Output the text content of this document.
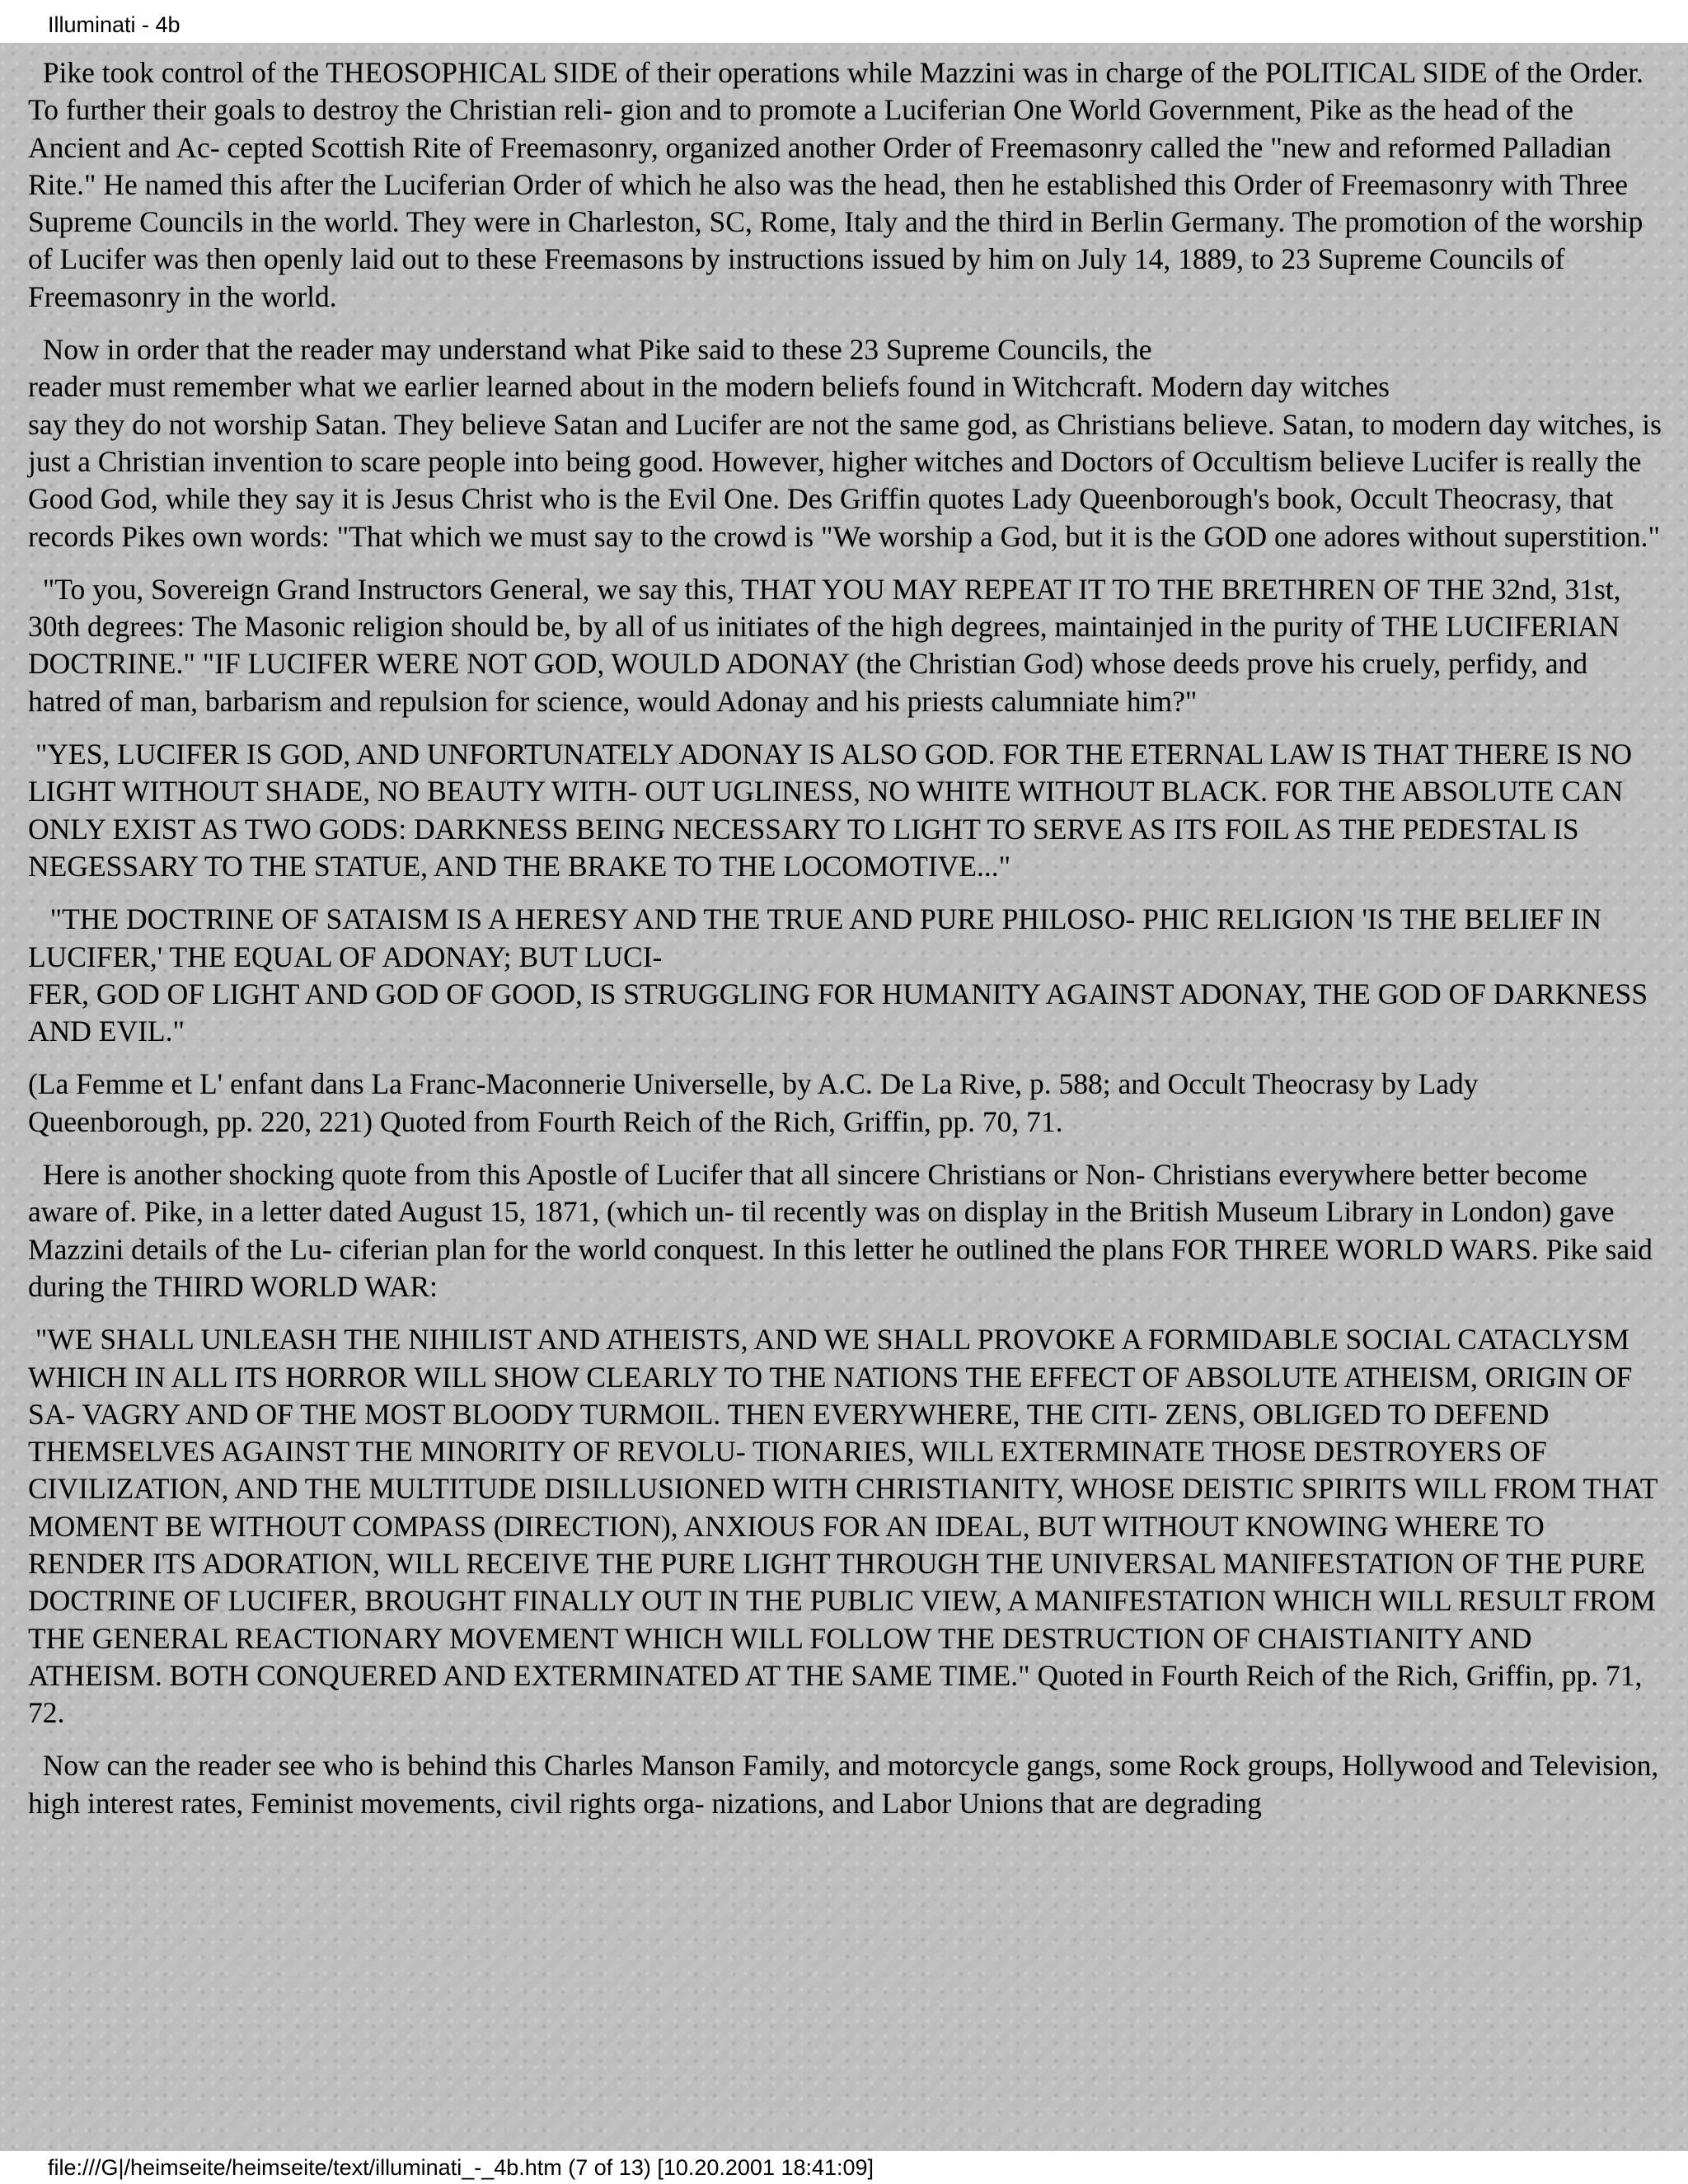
Illuminati - 4b

Pike took control of the THEOSOPHICAL SIDE of their operations while Mazzini was in charge of the POLITICAL SIDE of the Order. To further their goals to destroy the Christian reli- gion and to promote a Luciferian One World Government, Pike as the head of the Ancient and Ac- cepted Scottish Rite of Freemasonry, organized another Order of Freemasonry called the "new and reformed Palladian Rite." He named this after the Luciferian Order of which he also was the head, then he established this Order of Freemasonry with Three Supreme Councils in the world. They were in Charleston, SC, Rome, Italy and the third in Berlin Germany. The promotion of the worship of Lucifer was then openly laid out to these Freemasons by instructions issued by him on July 14, 1889, to 23 Supreme Councils of Freemasonry in the world.

Now in order that the reader may understand what Pike said to these 23 Supreme Councils, the
reader must remember what we earlier learned about in the modern beliefs found in Witchcraft. Modern day witches
say they do not worship Satan. They believe Satan and Lucifer are not the same god, as Christians believe. Satan, to modern day witches, is just a Christian invention to scare people into being good. However, higher witches and Doctors of Occultism believe Lucifer is really the Good God, while they say it is Jesus Christ who is the Evil One. Des Griffin quotes Lady Queenborough's book, Occult Theocrasy, that records Pikes own words: "That which we must say to the crowd is "We worship a God, but it is the GOD one adores without superstition."

"To you, Sovereign Grand Instructors General, we say this, THAT YOU MAY REPEAT IT TO THE BRETHREN OF THE 32nd, 31st, 30th degrees: The Masonic religion should be, by all of us initiates of the high degrees, maintainjed in the purity of THE LUCIFERIAN DOCTRINE." "IF LUCIFER WERE NOT GOD, WOULD ADONAY (the Christian God) whose deeds prove his cruely, perfidy, and hatred of man, barbarism and repulsion for science, would Adonay and his priests calumniate him?"

"YES, LUCIFER IS GOD, AND UNFORTUNATELY ADONAY IS ALSO GOD. FOR THE ETERNAL LAW IS THAT THERE IS NO LIGHT WITHOUT SHADE, NO BEAUTY WITH- OUT UGLINESS, NO WHITE WITHOUT BLACK. FOR THE ABSOLUTE CAN ONLY EXIST AS TWO GODS: DARKNESS BEING NECESSARY TO LIGHT TO SERVE AS ITS FOIL AS THE PEDESTAL IS NEGESSARY TO THE STATUE, AND THE BRAKE TO THE LOCOMOTIVE..."

"THE DOCTRINE OF SATAISM IS A HERESY AND THE TRUE AND PURE PHILOSO- PHIC RELIGION 'IS THE BELIEF IN LUCIFER,' THE EQUAL OF ADONAY; BUT LUCI-
FER, GOD OF LIGHT AND GOD OF GOOD, IS STRUGGLING FOR HUMANITY AGAINST ADONAY, THE GOD OF DARKNESS AND EVIL."

(La Femme et L' enfant dans La Franc-Maconnerie Universelle, by A.C. De La Rive, p. 588; and Occult Theocrasy by Lady Queenborough, pp. 220, 221) Quoted from Fourth Reich of the Rich, Griffin, pp. 70, 71.

Here is another shocking quote from this Apostle of Lucifer that all sincere Christians or Non- Christians everywhere better become aware of. Pike, in a letter dated August 15, 1871, (which un- til recently was on display in the British Museum Library in London) gave Mazzini details of the Lu- ciferian plan for the world conquest. In this letter he outlined the plans FOR THREE WORLD WARS. Pike said during the THIRD WORLD WAR:

"WE SHALL UNLEASH THE NIHILIST AND ATHEISTS, AND WE SHALL PROVOKE A FORMIDABLE SOCIAL CATACLYSM WHICH IN ALL ITS HORROR WILL SHOW CLEARLY TO THE NATIONS THE EFFECT OF ABSOLUTE ATHEISM, ORIGIN OF SA- VAGRY AND OF THE MOST BLOODY TURMOIL. THEN EVERYWHERE, THE CITI- ZENS, OBLIGED TO DEFEND THEMSELVES AGAINST THE MINORITY OF REVOLU- TIONARIES, WILL EXTERMINATE THOSE DESTROYERS OF CIVILIZATION, AND THE MULTITUDE DISILLUSIONED WITH CHRISTIANITY, WHOSE DEISTIC SPIRITS WILL FROM THAT MOMENT BE WITHOUT COMPASS (DIRECTION), ANXIOUS FOR AN IDEAL, BUT WITHOUT KNOWING WHERE TO RENDER ITS ADORATION, WILL RECEIVE THE PURE LIGHT THROUGH THE UNIVERSAL MANIFESTATION OF THE PURE DOCTRINE OF LUCIFER, BROUGHT FINALLY OUT IN THE PUBLIC VIEW, A MANIFESTATION WHICH WILL RESULT FROM THE GENERAL REACTIONARY MOVEMENT WHICH WILL FOLLOW THE DESTRUCTION OF CHAISTIANITY AND ATHEISM. BOTH CONQUERED AND EXTERMINATED AT THE SAME TIME." Quoted in Fourth Reich of the Rich, Griffin, pp. 71, 72.

Now can the reader see who is behind this Charles Manson Family, and motorcycle gangs, some Rock groups, Hollywood and Television, high interest rates, Feminist movements, civil rights orga- nizations, and Labor Unions that are degrading

file:///G|/heimseite/heimseite/text/illuminati_-_4b.htm (7 of 13) [10.20.2001 18:41:09]
